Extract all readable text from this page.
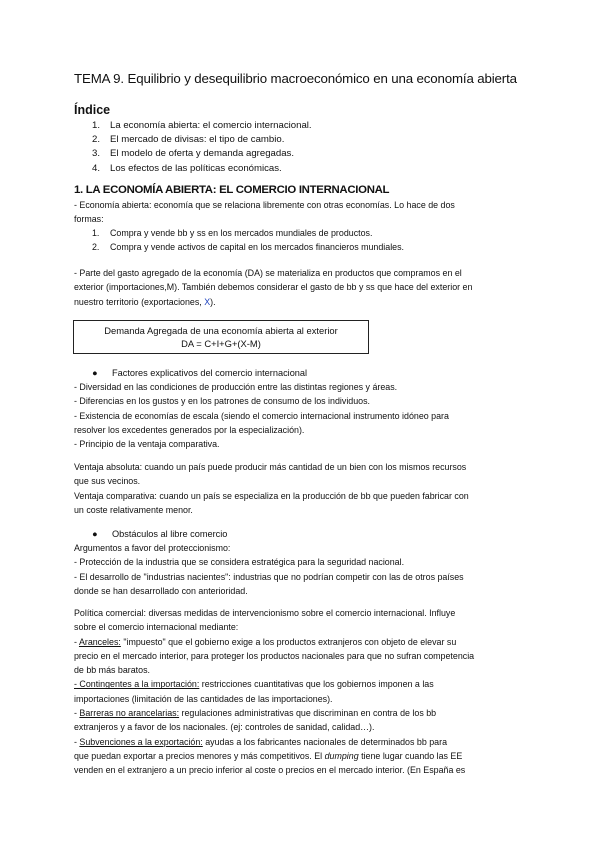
TEMA 9. Equilibrio y desequilibrio macroeconómico en una economía abierta
Índice
1. La economía abierta: el comercio internacional.
2. El mercado de divisas: el tipo de cambio.
3. El modelo de oferta y demanda agregadas.
4. Los efectos de las políticas económicas.
1. LA ECONOMÍA ABIERTA: EL COMERCIO INTERNACIONAL
- Economía abierta: economía que se relaciona libremente con otras economías. Lo hace de dos
formas:
1. Compra y vende bb y ss en los mercados mundiales de productos.
2. Compra y vende activos de capital en los mercados financieros mundiales.
- Parte del gasto agregado de la economía (DA) se materializa en productos que compramos en el
exterior (importaciones,M). También debemos considerar el gasto de bb y ss que hace del exterior en
nuestro territorio (exportaciones, X).
Demanda Agregada de una economía abierta al exterior
DA = C+I+G+(X-M)
● Factores explicativos del comercio internacional
- Diversidad en las condiciones de producción entre las distintas regiones y áreas.
- Diferencias en los gustos y en los patrones de consumo de los individuos.
- Existencia de economías de escala (siendo el comercio internacional instrumento idóneo para
resolver los excedentes generados por la especialización).
- Principio de la ventaja comparativa.
Ventaja absoluta: cuando un país puede producir más cantidad de un bien con los mismos recursos
que sus vecinos.
Ventaja comparativa: cuando un país se especializa en la producción de bb que pueden fabricar con
un coste relativamente menor.
● Obstáculos al libre comercio
Argumentos a favor del proteccionismo:
- Protección de la industria que se considera estratégica para la seguridad nacional.
- El desarrollo de "industrias nacientes": industrias que no podrían competir con las de otros países
donde se han desarrollado con anterioridad.
Política comercial: diversas medidas de intervencionismo sobre el comercio internacional. Influye
sobre el comercio internacional mediante:
- Aranceles: "impuesto" que el gobierno exige a los productos extranjeros con objeto de elevar su
precio en el mercado interior, para proteger los productos nacionales para que no sufran competencia
de bb más baratos.
- Contingentes a la importación: restricciones cuantitativas que los gobiernos imponen a las
importaciones (limitación de las cantidades de las importaciones).
- Barreras no arancelarias: regulaciones administrativas que discriminan en contra de los bb
extranjeros y a favor de los nacionales. (ej: controles de sanidad, calidad…).
- Subvenciones a la exportación: ayudas a los fabricantes nacionales de determinados bb para
que puedan exportar a precios menores y más competitivos. El dumping tiene lugar cuando las EE
venden en el extranjero a un precio inferior al coste o precios en el mercado interior. (En España es
